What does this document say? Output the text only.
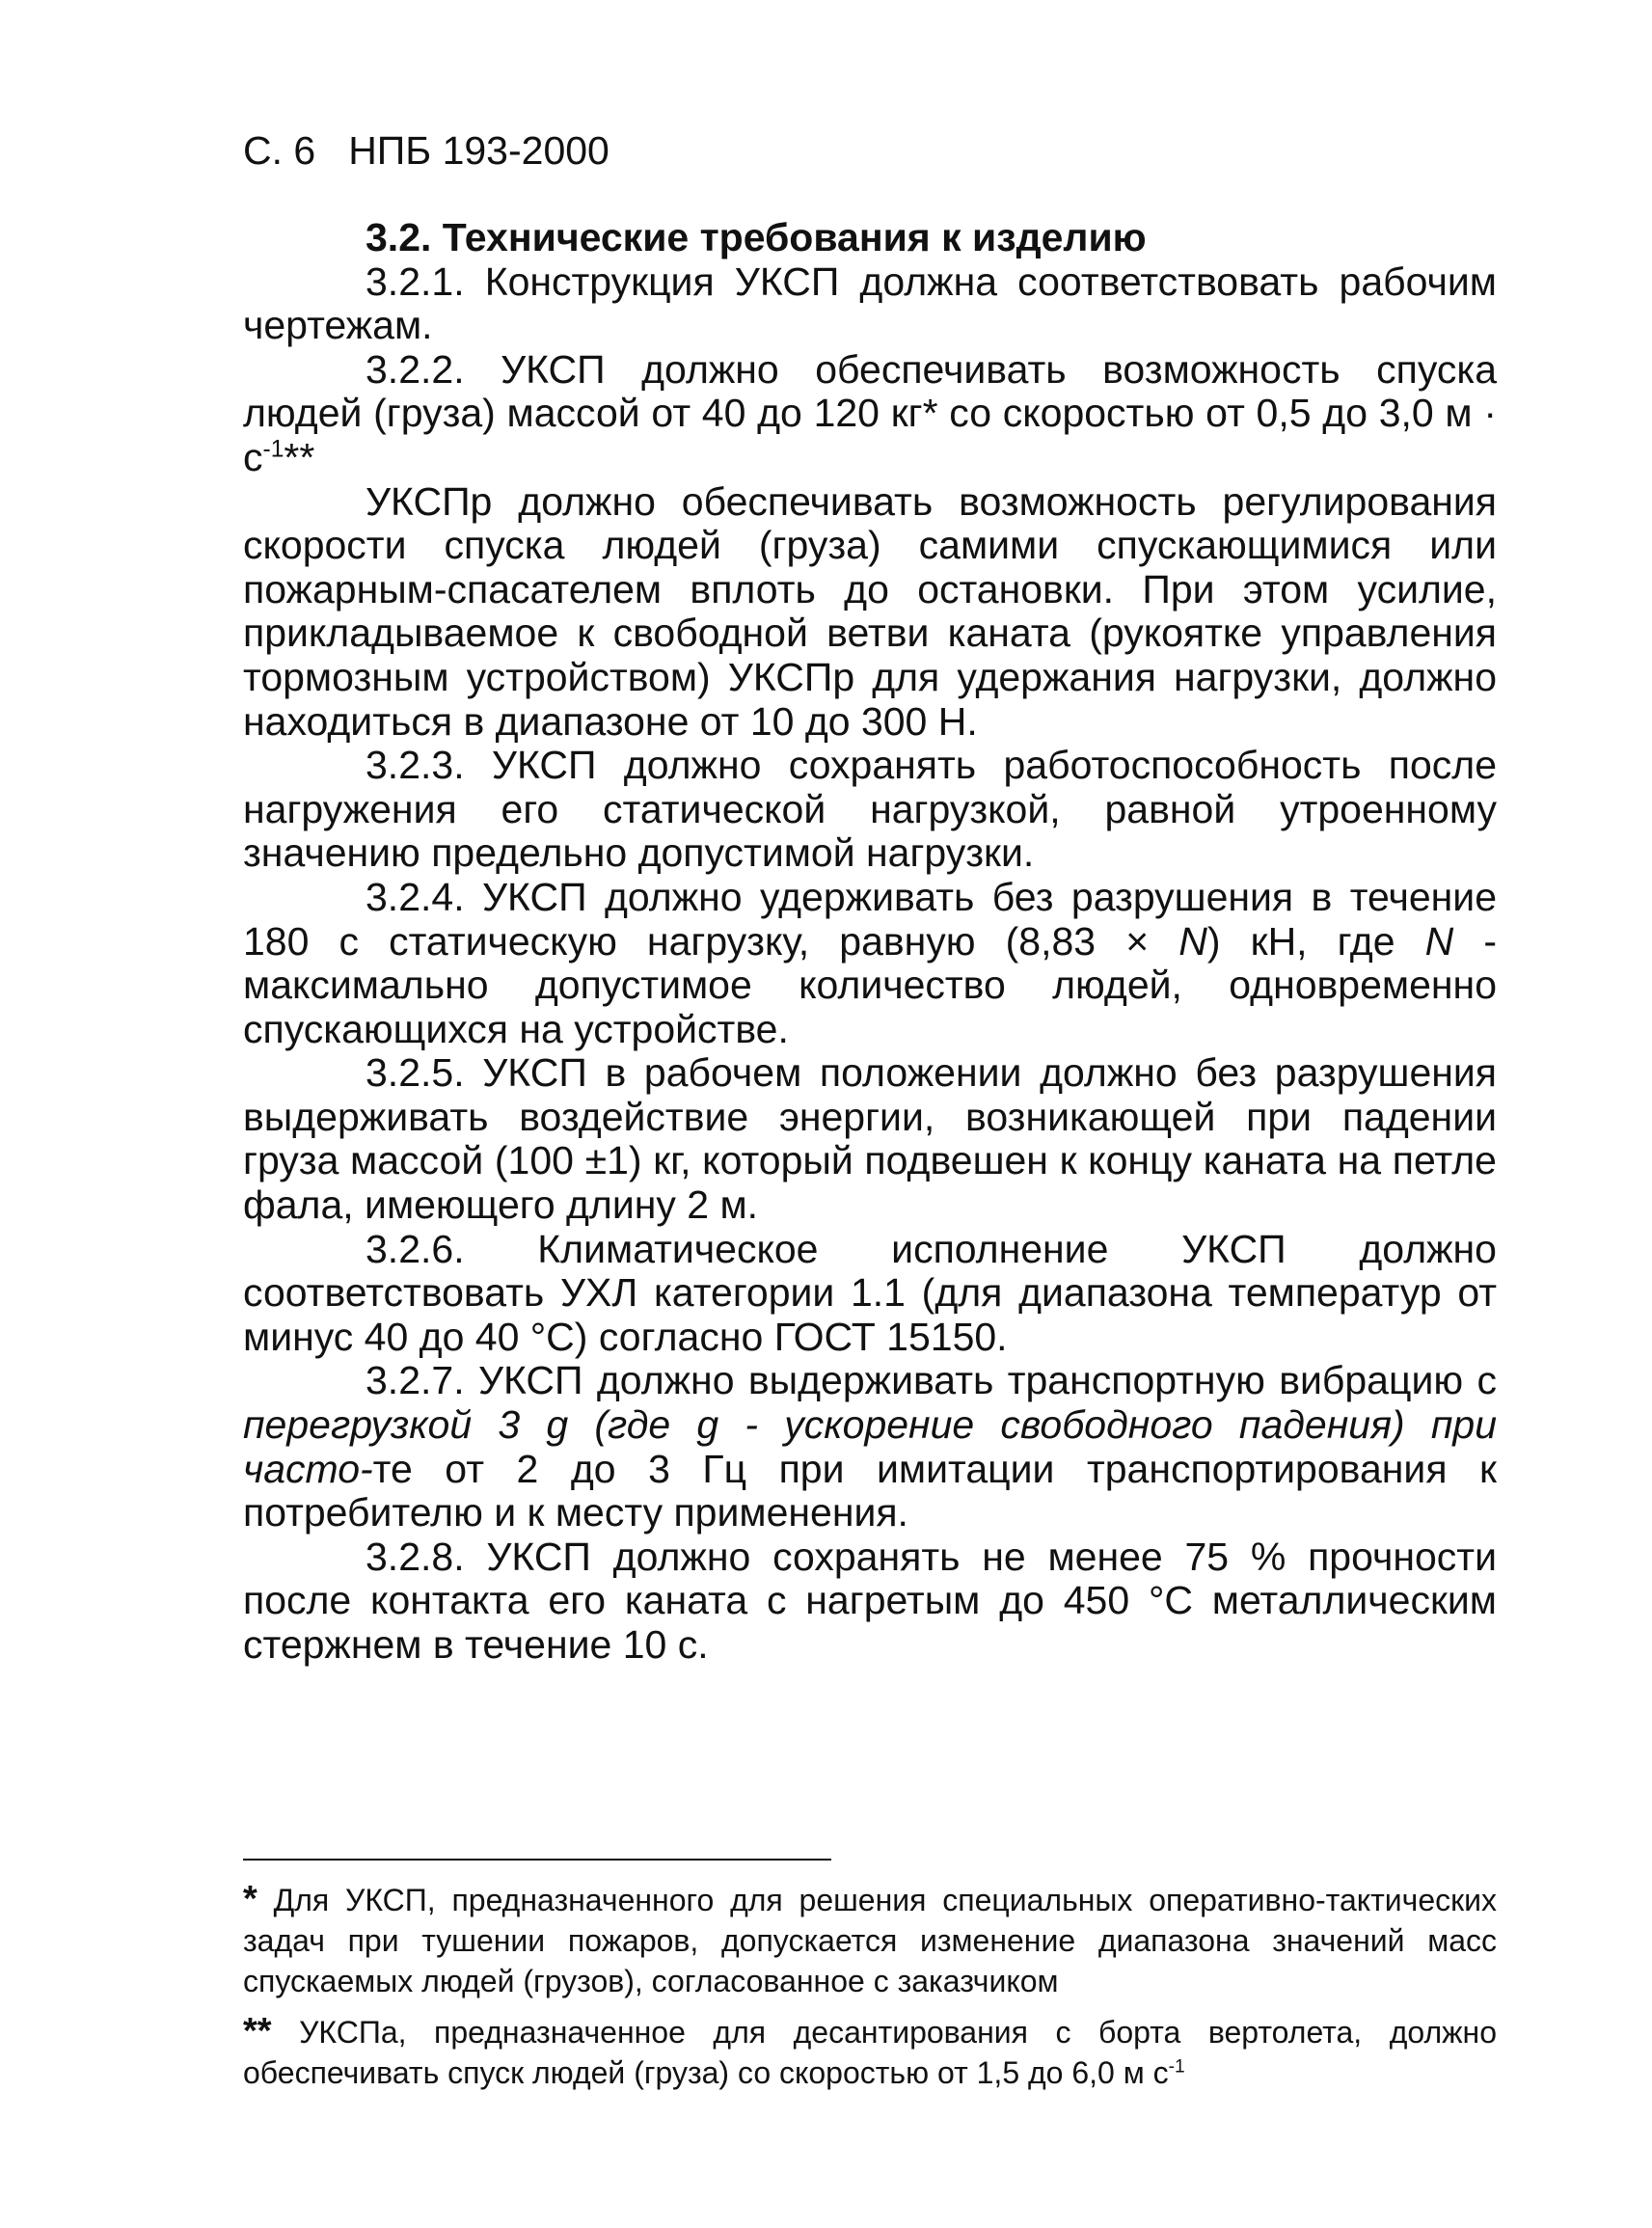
С. 6 НПБ 193-2000

3.2. Технические требования к изделию

3.2.1. Конструкция УКСП должна соответствовать рабочим чертежам.

3.2.2. УКСП должно обеспечивать возможность спуска людей (груза) массой от 40 до 120 кг* со скоростью от 0,5 до 3,0 $м \cdot с^{-1}**$

УКСПр должно обеспечивать возможность регулирования скорости спуска людей (груза) самими спускающимися или пожарным-спасателем вплоть до остановки. При этом усилие, прикладываемое к свободной ветви каната (рукоятке управления тормозным устройством) УКСПр для удержания нагрузки, должно находиться в диапазоне от 10 до 300 Н.

3.2.3. УКСП должно сохранять работоспособность после нагружения его статической нагрузкой, равной утроенному значению предельно допустимой нагрузки.

3.2.4. УКСП должно удерживать без разрушения в течение 180 с статическую нагрузку, равную (8,83 × N) кН, где N - максимально допустимое количество людей, одновременно спускающихся на устройстве.

3.2.5. УКСП в рабочем положении должно без разрушения выдерживать воздействие энергии, возникающей при падении груза массой (100 ±1) кг, который подвешен к концу каната на петле фала, имеющего длину 2 м.

3.2.6. Климатическое исполнение УКСП должно соответствовать УХЛ категории 1.1 (для диапазона температур от минус 40 до 40 °С) согласно ГОСТ 15150.

3.2.7. УКСП должно выдерживать транспортную вибрацию с перегрузкой 3 g (где g - ускорение свободного падения) при часто-те от 2 до 3 Гц при имитации транспортирования к потребителю и к месту применения.

3.2.8. УКСП должно сохранять не менее 75 % прочности после контакта его каната с нагретым до 450 °С металлическим стержнем в течение 10 с.

* Для УКСП, предназначенного для решения специальных оперативно-тактических задач при тушении пожаров, допускается изменение диапазона значений масс спускаемых людей (грузов), согласованное с заказчиком

** УКСПа, предназначенное для десантирования с борта вертолета, должно обеспечивать спуск людей (груза) со скоростью от 1,5 до 6,0 м $с^{-1}$
